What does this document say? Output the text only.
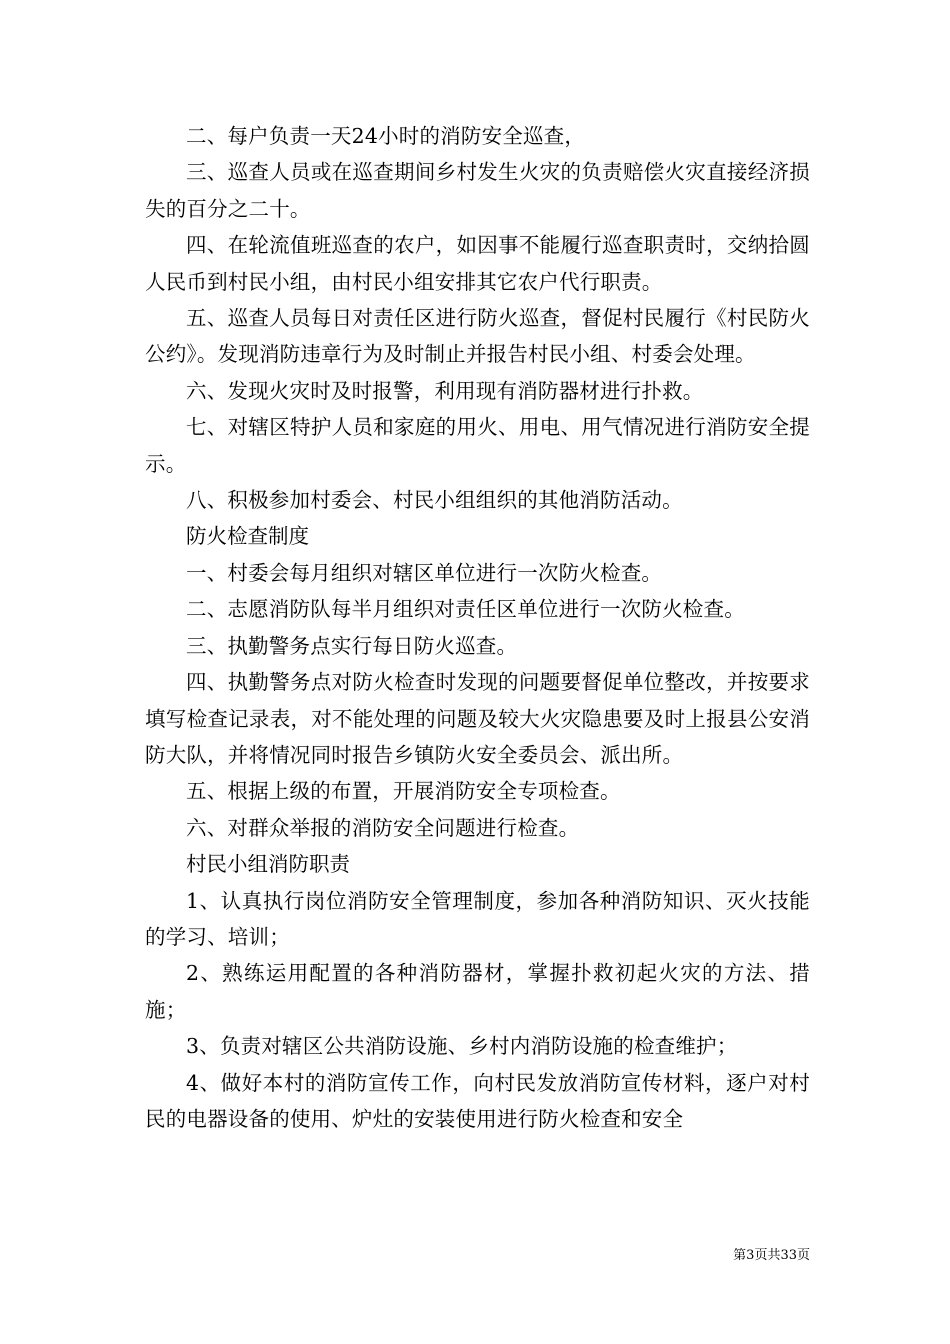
二、每户负责一天24小时的消防安全巡查，

三、巡查人员或在巡查期间乡村发生火灾的负责赔偿火灾直接经济损失的百分之二十。

四、在轮流值班巡查的农户，如因事不能履行巡查职责时，交纳拾圆人民币到村民小组，由村民小组安排其它农户代行职责。

五、巡查人员每日对责任区进行防火巡查，督促村民履行《村民防火公约》。发现消防违章行为及时制止并报告村民小组、村委会处理。

六、发现火灾时及时报警，利用现有消防器材进行扑救。

七、对辖区特护人员和家庭的用火、用电、用气情况进行消防安全提示。

八、积极参加村委会、村民小组组织的其他消防活动。

防火检查制度

一、村委会每月组织对辖区单位进行一次防火检查。

二、志愿消防队每半月组织对责任区单位进行一次防火检查。

三、执勤警务点实行每日防火巡查。

四、执勤警务点对防火检查时发现的问题要督促单位整改，并按要求填写检查记录表，对不能处理的问题及较大火灾隐患要及时上报县公安消防大队，并将情况同时报告乡镇防火安全委员会、派出所。

五、根据上级的布置，开展消防安全专项检查。

六、对群众举报的消防安全问题进行检查。

村民小组消防职责

1、认真执行岗位消防安全管理制度，参加各种消防知识、灭火技能的学习、培训；

2、熟练运用配置的各种消防器材，掌握扑救初起火灾的方法、措施；

3、负责对辖区公共消防设施、乡村内消防设施的检查维护；

4、做好本村的消防宣传工作，向村民发放消防宣传材料，逐户对村民的电器设备的使用、炉灶的安装使用进行防火检查和安全

第3页共33页
